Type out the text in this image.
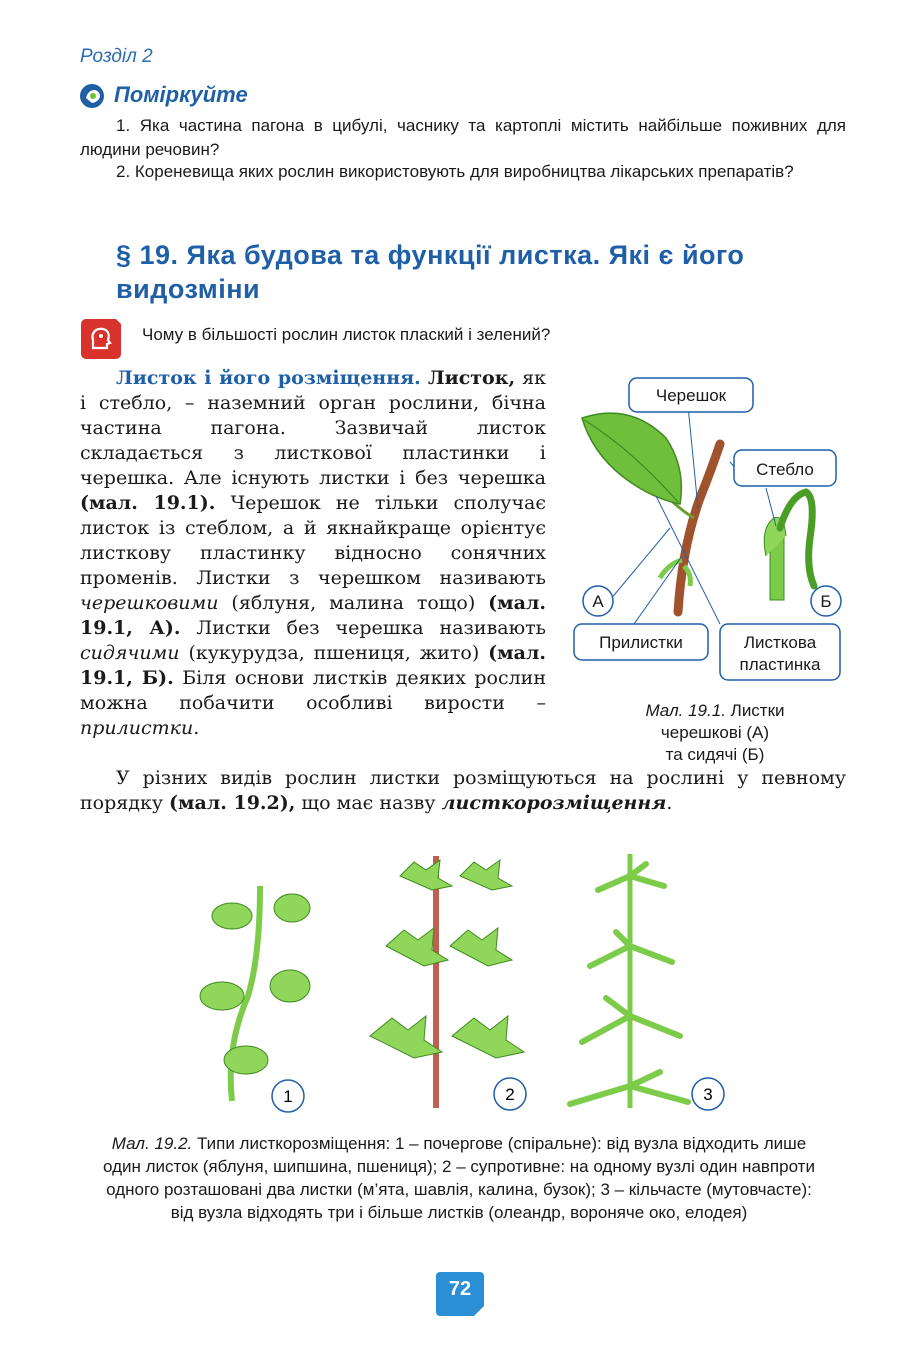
Розділ 2
Поміркуйте
1. Яка частина пагона в цибулі, часнику та картоплі містить найбільше поживних для людини речовин?
2. Кореневища яких рослин використовують для виробництва лікарських препаратів?
§ 19. Яка будова та функції листка. Які є його видозміни
Чому в більшості рослин листок плаский і зелений?
Листок і його розміщення. Листок, як і стебло, – наземний орган рослини, бічна частина пагона. Зазвичай листок складається з листкової пластинки і черешка. Але існують листки і без черешка (мал. 19.1). Черешок не тільки сполучає листок із стеблом, а й якнайкраще орієнтує листкову пластинку відносно сонячних променів. Листки з черешком називають черешковими (яблуня, малина тощо) (мал. 19.1, А). Листки без черешка називають сидячими (кукурудза, пшениця, жито) (мал. 19.1, Б). Біля основи листків деяких рослин можна побачити особливі вирости – прилистки.
У різних видів рослин листки розміщуються на рослині у певному порядку (мал. 19.2), що має назву листкорозміщення.
Черешок
Стебло
А	Б
Прилистки	Листкова
пластинка
Мал. 19.1. Листки
черешкові (А)
та сидячі (Б)
1	2	3
Мал. 19.2. Типи листкорозміщення: 1 – почергове (спіральне): від вузла відходить лише один листок (яблуня, шипшина, пшениця); 2 – супротивне: на одному вузлі один навпроти одного розташовані два листки (м’ята, шавлія, калина, бузок); 3 – кільчасте (мутовчасте): від вузла відходять три і більше листків (олеандр, вороняче око, елодея)
72
